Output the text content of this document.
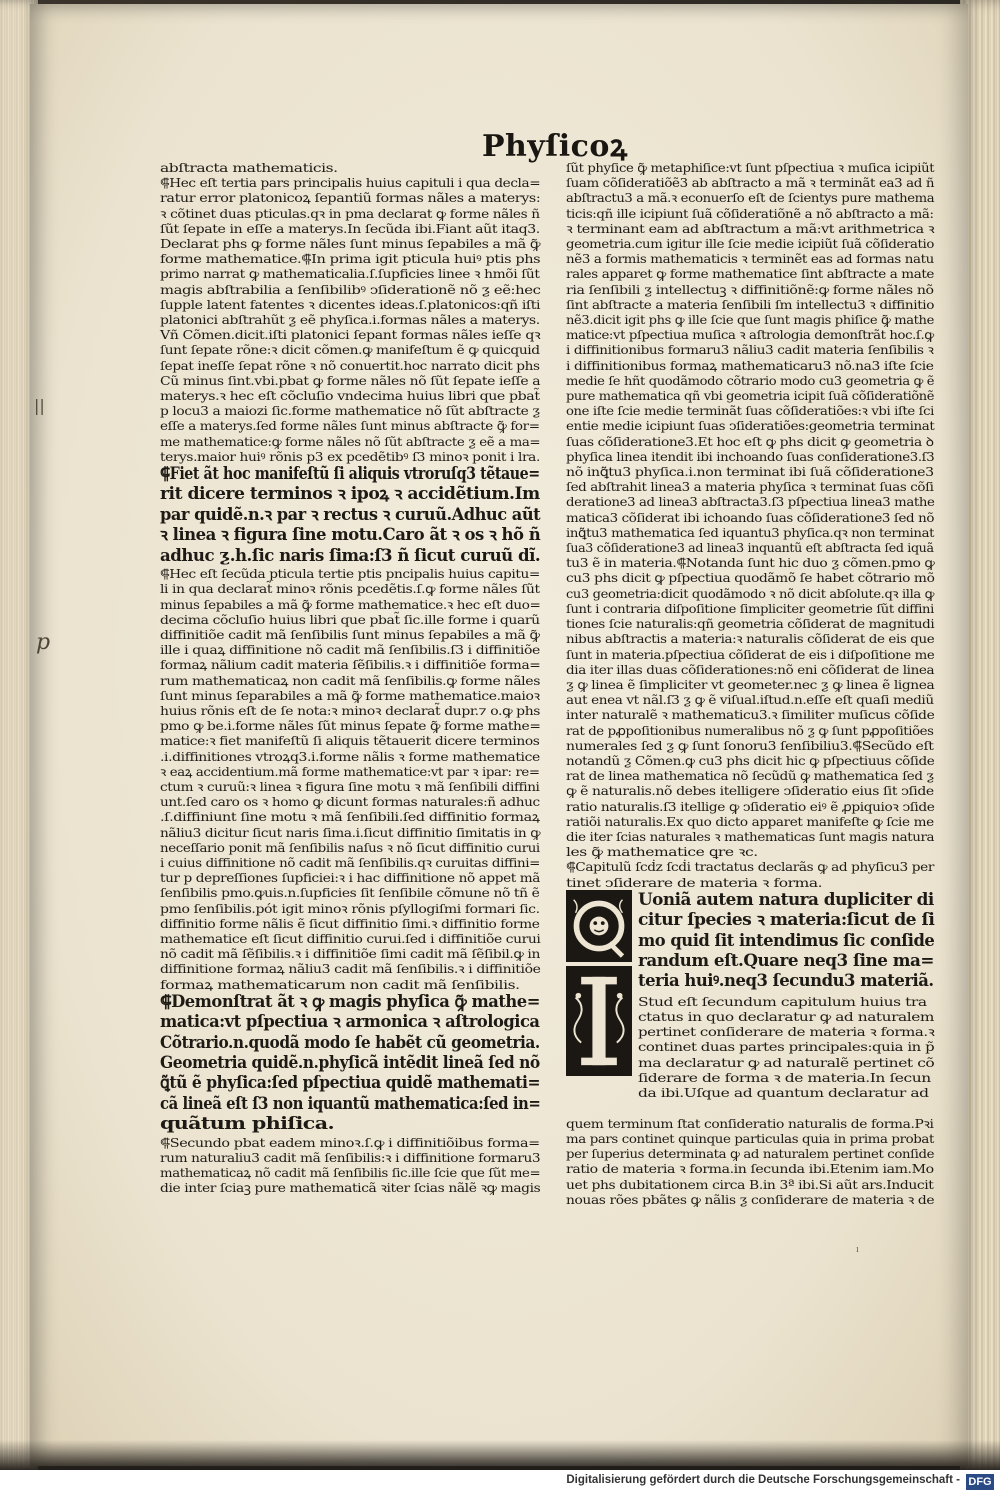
||
p
Phyſicoꝝ
abſtracta mathematicis.
⸿Hec eſt tertia pars principalis huius capituli i qua decla=
ratur error platonicoꝝ ſepantiũ formas nãles a materys:
ꝛ cõtinet duas pticulas.qꝛ in pma declarat ꝙ forme nãles ñ
ſũt ſepate in eſſe a materys.In ſecũda ibi.Fiant aũt itaq3.
Declarat phs ꝙ forme nãles ſunt minus ſepabiles a mã ꝙ̃
forme mathematice.⸿In prima igit pticula huiꝰ ptis phs
primo narrat ꝙ mathematicalia.ſ.ſupficies linee ꝛ hmõi ſũt
magis abſtrabilia a ſenſibilibꝰ ↄſiderationẽ nõ ƺ eẽ:hec
ſupple latent fatentes ꝛ dicentes ideas.ſ.platonicos:qñ iſti
platonici abſtrahũt ƺ eẽ phyſica.i.formas nãles a materys.
Vñ Cõmen.dicit.iſti platonici ſepant formas nãles ieſſe qꝛ
ſunt ſepate rõne:ꝛ dicit cõmen.ꝙ manifeſtum ẽ ꝙ quicquid
ſepat ineſſe ſepat rõne ꝛ nõ conuertit.hoc narrato dicit phs
Cũ minus ſint.vbi.pbat ꝙ forme nãles nõ ſũt ſepate ieſſe a
materys.ꝛ hec eſt cõcluſio vndecima huius libri que pbat̃
p locu3 a maiozi ſic.forme mathematice nõ ſũt abſtracte ƺ
eſſe a materys.ſed forme nãles ſunt minus abſtracte ꝙ̃ for=
me mathematice:ꝙ forme nãles nõ ſũt abſtracte ƺ eẽ a ma=
terys.maior huiꝰ rõnis p3 ex pcedẽtibꝰ ſ3 minoꝛ ponit i lra.
⸿Fiet ãt hoc manifeſtũ ſi aliquis vtroruſq3 tẽtaue=
rit dicere terminos ꝛ ipoꝝ ꝛ accidẽtium.Im
par quidẽ.n.ꝛ par ꝛ rectus ꝛ curuũ.Adhuc aũt
ꝛ linea ꝛ figura ſine motu.Caro ãt ꝛ os ꝛ hõ ñ
adhuc ƺ.h.ſic naris ſima:ſ3 ñ ſicut curuũ dĩ.
⸿Hec eſt ſecũda pticula tertie ptis pncipalis huius capitu=
li in qua declarat̃ minoꝛ rõnis pcedẽtis.ſ.ꝙ forme nãles ſũt
minus ſepabiles a mã ꝙ̃ forme mathematice.ꝛ hec eſt duo=
decima cõcluſio huius libri que pbat̃ ſic.ille forme i quarũ
diffinitiõe cadit mã ſenſibilis ſunt minus ſepabiles a mã ꝙ̃
ille i quaꝝ diffinitione nõ cadit mã ſenſibilis.ſ3 i diffinitiõe
formaꝝ nãlium cadit materia ſẽſibilis.ꝛ i diffinitiõe forma=
rum mathematicaꝝ non cadit mã ſenſibilis.ꝙ forme nãles
ſunt minus ſeparabiles a mã ꝙ̃ forme mathematice.maioꝛ
huius rõnis eſt de ſe nota:ꝛ minoꝛ declarat̃ dupr.⁊ o.ꝙ phs
pmo ꝙ be.i.forme nãles ſũt minus ſepate ꝙ̃ forme mathe=
matice:ꝛ fiet manifeſtũ ſi aliquis tẽtauerit dicere terminos
.i.diffinitiones vtroꝝq3.i.forme nãlis ꝛ forme mathematice
ꝛ eaꝝ accidentium.mã forme mathematice:vt par ꝛ ipar: re=
ctum ꝛ curuũ:ꝛ linea ꝛ figura ſine motu ꝛ mã ſenſibili diffini
unt.ſed caro os ꝛ homo ꝙ dicunt formas naturales:ñ adhuc
.ſ.diffiniunt ſine motu ꝛ mã ſenſibili.ſed diffinitio formaꝝ
nãliu3 dicitur ſicut naris ſima.i.ſicut diffinitio ſimitatis in ꝙ
neceſſario ponit mã ſenſibilis naſus ꝛ nõ ſicut diffinitio curui
i cuius diffinitione nõ cadit mã ſenſibilis.qꝛ curuitas diffini=
tur p depreſſiones ſupficiei:ꝛ i hac diffinitione nõ appet mã
ſenſibilis pmo.ꝙuis.n.ſupficies ſit ſenſibile cõmune nõ tñ ẽ
pmo ſenſibilis.pót igit minoꝛ rõnis pſyllogiſmi formari ſic.
diffinitio forme nãlis ẽ ſicut diffinitio ſimi.ꝛ diffinitio forme
mathematice eſt ſicut diffinitio curui.ſed i diffinitiõe curui
nõ cadit mã ſẽſibilis.ꝛ i diffinitiõe ſimi cadit mã ſẽſibil.ꝙ in
diffinitione formaꝝ nãliu3 cadit mã ſenſibilis.ꝛ i diffinitiõe
formaꝝ mathematicarum non cadit mã ſenſibilis.
⸿Demonſtrat ãt ꝛ ꝙ magis phyſica ꝙ̃ mathe=
matica:vt pſpectiua ꝛ armonica ꝛ aſtrologica
Cõtrario.n.quodã modo ſe habẽt cũ geometria.
Geometria quidẽ.n.phyſicã intẽdit lineã ſed nõ
ꝗ̃tũ ẽ phyſica:ſed pſpectiua quidẽ mathemati=
cã lineã eſt ſ3 non iquantũ mathematica:ſed in=
quãtum phiſica.
⸿Secundo pbat eadem minoꝛ.ſ.ꝙ i diffinitiõibus forma=
rum naturaliu3 cadit mã ſenſibilis:ꝛ i diffinitione formaru3
mathematicaꝝ nõ cadit mã ſenſibilis ſic.ille ſcie que ſũt me=
die inter ſciaꝫ pure mathematicã ꝛiter ſcias nãlẽ ꝛꝙ magis
ſũt phyſice ꝙ̃ metaphiſice:vt ſunt pſpectiua ꝛ muſica icipiũt
ſuam cõſideratiõẽ3 ab abſtracto a mã ꝛ terminãt ea3 ad ñ
abſtractu3 a mã.ꝛ econuerſo eſt de ſcientys pure mathema
ticis:qñ ille icipiunt ſuã cõſideratiõnẽ a nõ abſtracto a mã:
ꝛ terminant eam ad abſtractum a mã:vt arithmetrica ꝛ
geometria.cum igitur ille ſcie medie icipiũt ſuã cõſideratio
nẽ3 a formis mathematicis ꝛ terminẽt eas ad formas natu
rales apparet ꝙ forme mathematice ſint abſtracte a mate
ria ſenſibili ƺ intellectuꝫ ꝛ diffinitiõnẽ:ꝙ forme nãles nõ
ſint abſtracte a materia ſenſibili ſm intellectu3 ꝛ diffinitio
nẽ3.dicit igit phs ꝙ ille ſcie que ſunt magis phiſice ꝙ̃ mathe
matice:vt pſpectiua muſica ꝛ aſtrologia demonſtrãt hoc.ſ.ꝙ
i diffinitionibus formaru3 nãliu3 cadit materia ſenſibilis ꝛ
i diffinitionibus formaꝝ mathematicaru3 nõ.na3 iſte ſcie
medie ſe hñt quodãmodo cõtrario modo cu3 geometria ꝙ ẽ
pure mathematica qñ vbi geometria icipit ſuã cõſideratiõnẽ
one iſte ſcie medie terminãt ſuas cõſideratiões:ꝛ vbi iſte ſci
entie medie icipiunt ſuas ↄſideratiões:geometria terminat
ſuas cõſideratione3.Et hoc eſt ꝙ phs dicit ꝙ geometria ꝺ
phyſica linea itendit ibi inchoando ſuas conſideratione3.ſ3
nõ inꝗ̃tu3 phyſica.i.non terminat ibi ſuã cõſideratione3
ſed abſtrahit linea3 a materia phyſica ꝛ terminat ſuas cõſi
deratione3 ad linea3 abſtracta3.ſ3 pſpectiua linea3 mathe
matica3 cõſiderat ibi ichoando ſuas cõſideratione3 ſed nõ
inꝗ̃tu3 mathematica ſed iquantu3 phyſica.qꝛ non terminat
ſua3 cõſideratione3 ad linea3 inquantũ eſt abſtracta ſed iquã
tu3 ẽ in materia.⸿Notanda ſunt hic duo ƺ cõmen.pmo ꝙ
cu3 phs dicit ꝙ pſpectiua quodãmõ ſe habet cõtrario mõ
cu3 geometria:dicit quodãmodo ꝛ nõ dicit abſolute.qꝛ illa ꝙ
ſunt i contraria diſpoſitione ſimpliciter geometrie ſũt diffini
tiones ſcie naturalis:qñ geometria cõſiderat de magnitudi
nibus abſtractis a materia:ꝛ naturalis cõſiderat de eis que
ſunt in materia.pſpectiua cõſiderat de eis i diſpoſitione me
dia iter illas duas cõſiderationes:nõ eni cõſiderat de linea
ƺ ꝙ linea ẽ ſimpliciter vt geometer.nec ƺ ꝙ linea ẽ lignea
aut enea vt nãl.ſ3 ƺ ꝙ ẽ viſual.iſtud.n.eſſe eſt quaſi mediũ
inter naturalẽ ꝛ mathematicu3.ꝛ ſimiliter muſicus cõſide
rat de pꝓpoſitionibus numeralibus nõ ƺ ꝙ ſunt pꝓpoſitiões
numerales ſed ƺ ꝙ ſunt ſonoru3 ſenſibiliu3.⸿Secũdo eſt
notandũ ƺ Cõmen.ꝙ cu3 phs dicit hic ꝙ pſpectiuus cõſide
rat de linea mathematica nõ ſecũdũ ꝙ mathematica ſed ƺ
ꝙ ẽ naturalis.nõ debes itelligere ↄſideratio eius ſit ↄſide
ratio naturalis.ſ3 itellige ꝙ ↄſideratio eiꝰ ẽ ꝓpiquioꝛ ↄſide
ratiõi naturalis.Ex quo dicto apparet manifeſte ꝙ ſcie me
die iter ſcias naturales ꝛ mathematicas ſunt magis natura
les ꝙ̃ mathematice ꝗre ꝛc.
⸿Capitulũ ſcḋz ſcḋi tractatus declarãs ꝙ ad phyſicu3 per
tinet ↄſiderare de materia ꝛ forma.
Uoniã autem natura dupliciter di
citur ſpecies ꝛ materia:ſicut de ſi
mo quid ſit intendimus ſic conſide
randum eſt.Quare neq3 ſine ma=
teria huiꝰ.neq3 ſecundu3 materiã.
Stud eſt ſecundum capitulum huius tra
ctatus in quo declaratur ꝙ ad naturalem
pertinet conſiderare de materia ꝛ forma.ꝛ
continet duas partes principales:quia in p̃
ma declaratur ꝙ ad naturalẽ pertinet cõ
ſiderare de forma ꝛ de materia.In ſecun
da ibi.Uſque ad quantum declaratur ad
quem terminum ſtat conſideratio naturalis de forma.Pꝛi
ma pars continet quinque particulas quia in prima probat
per ſuperius determinata ꝙ ad naturalem pertinet conſide
ratio de materia ꝛ forma.in ſecunda ibi.Etenim iam.Mo
uet phs dubitationem circa B.in 3ª ibi.Si aũt ars.Inducit
nouas rões pbãtes ꝙ nãlis ƺ conſiderare de materia ꝛ de
ı
Digitalisierung gefördert durch die Deutsche Forschungsgemeinschaft - DFG
